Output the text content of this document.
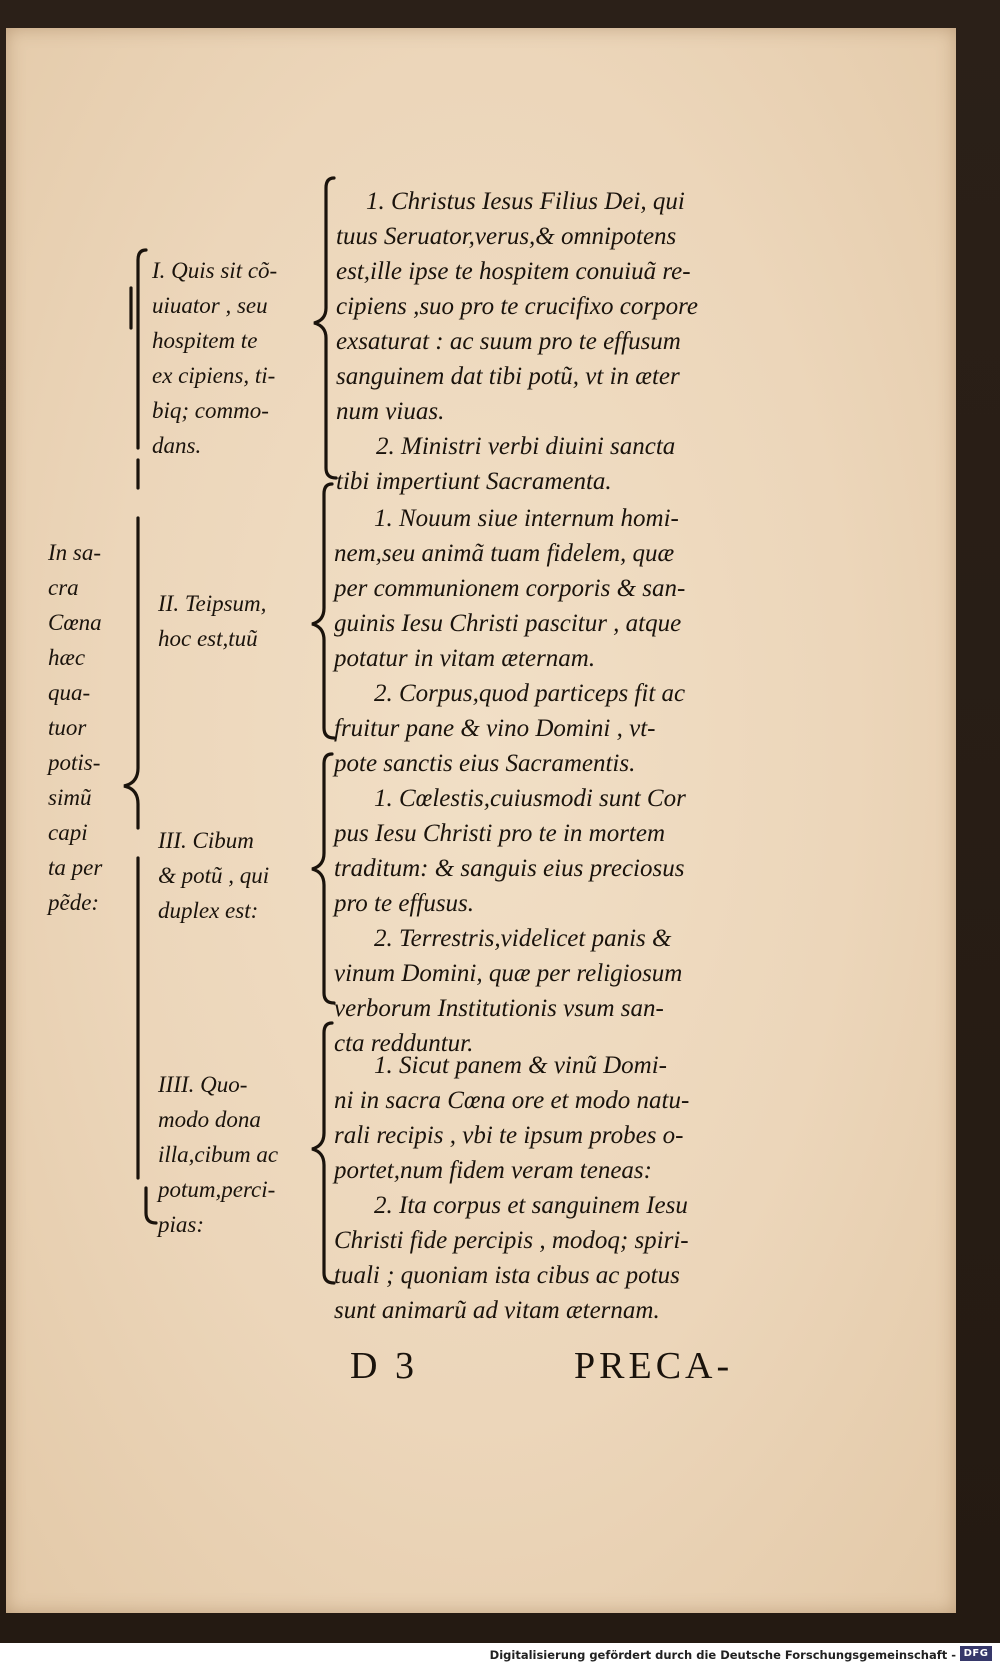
In sa-
cra
Cœna
hæc
qua-
tuor
potis-
simũ
capi
ta per
pẽde:
I. Quis sit cõ-
uiuator , seu
hospitem te
ex cipiens, ti-
biq; commo-
dans.
1. Christus Iesus Filius Dei, qui
tuus Seruator,verus,& omnipotens
est,ille ipse te hospitem conuiuã re-
cipiens ,suo pro te crucifixo corpore
exsaturat : ac suum pro te effusum
sanguinem dat tibi potũ, vt in æter
num viuas.
2. Ministri verbi diuini sancta
tibi impertiunt Sacramenta.
II. Teipsum,
hoc est,tuũ
1. Nouum siue internum homi-
nem,seu animã tuam fidelem, quæ
per communionem corporis & san-
guinis Iesu Christi pascitur , atque
potatur in vitam æternam.
2. Corpus,quod particeps fit ac
fruitur pane & vino Domini , vt-
pote sanctis eius Sacramentis.
III. Cibum
& potũ , qui
duplex est:
1. Cœlestis,cuiusmodi sunt Cor
pus Iesu Christi pro te in mortem
traditum: & sanguis eius preciosus
pro te effusus.
2. Terrestris,videlicet panis &
vinum Domini, quæ per religiosum
verborum Institutionis vsum san-
cta redduntur.
IIII. Quo-
modo dona
illa,cibum ac
potum,perci-
pias:
1. Sicut panem & vinũ Domi-
ni in sacra Cœna ore et modo natu-
rali recipis , vbi te ipsum probes o-
portet,num fidem veram teneas:
2. Ita corpus et sanguinem Iesu
Christi fide percipis , modoq; spiri-
tuali ; quoniam ista cibus ac potus
sunt animarũ ad vitam æternam.
D 3	PRECA-
Digitalisierung gefördert durch die Deutsche Forschungsgemeinschaft - DFG
